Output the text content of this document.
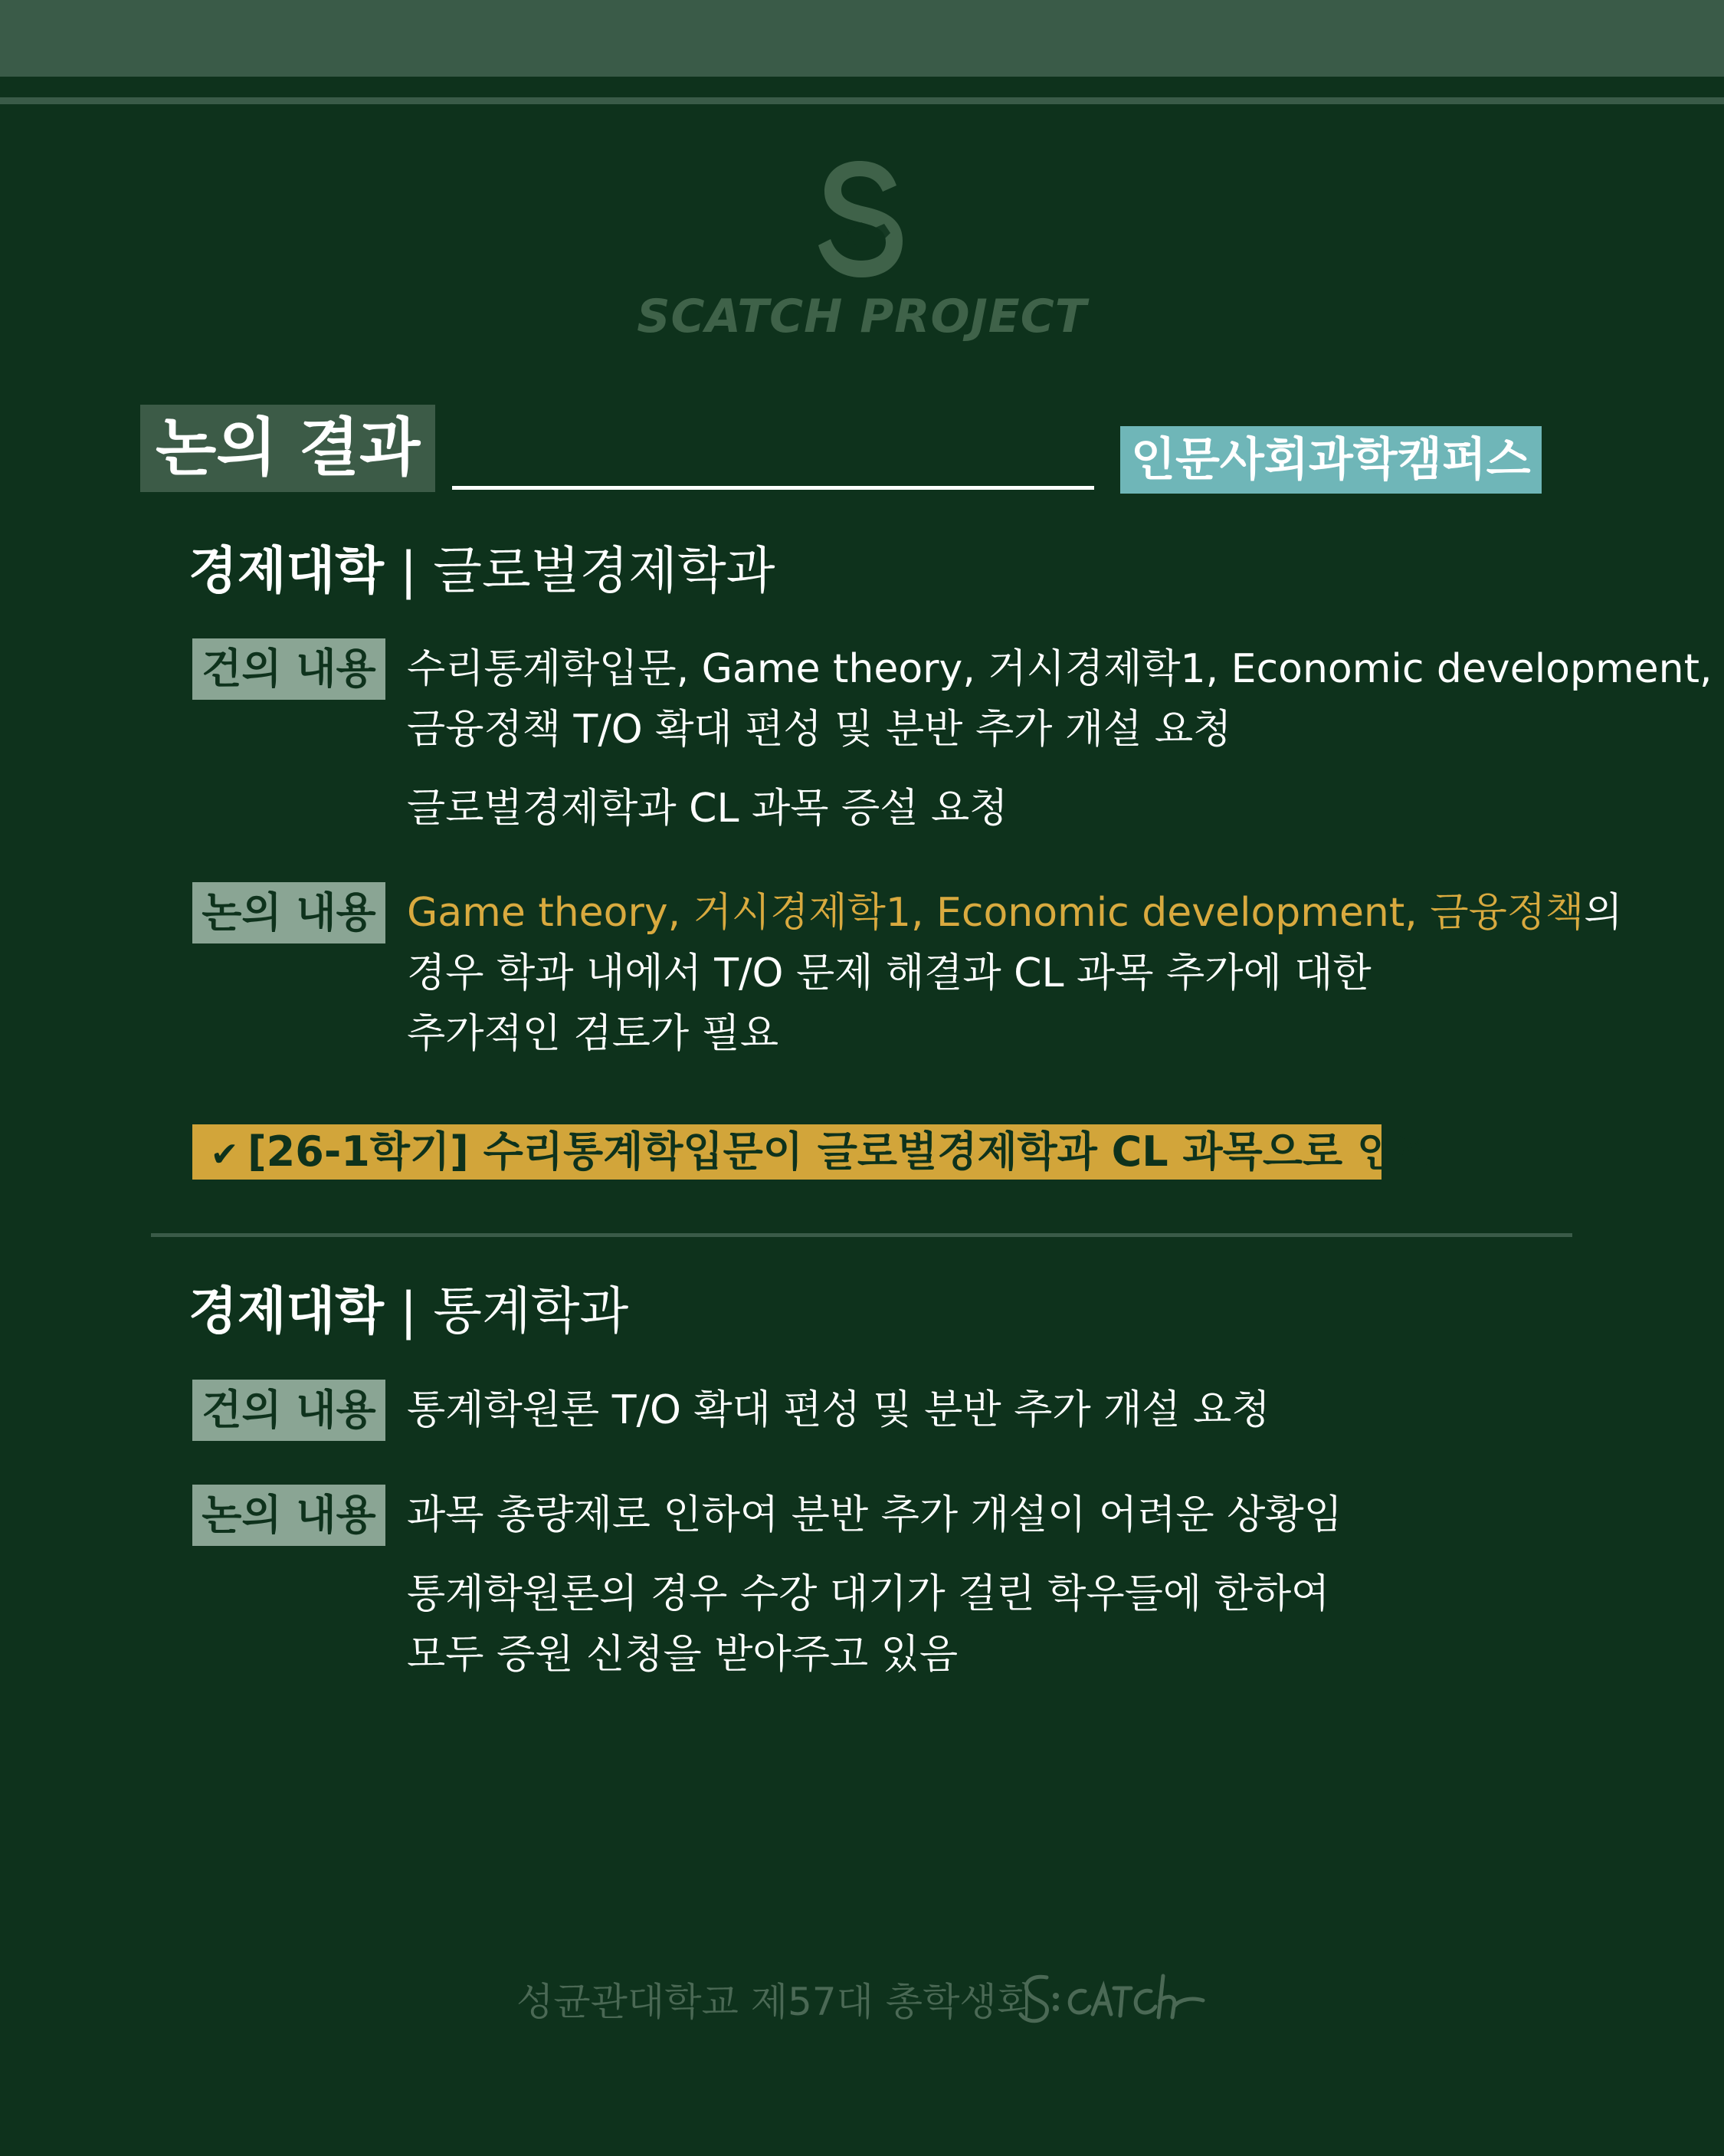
SCATCH PROJECT
논의 결과	인문사회과학캠퍼스
경제대학 | 글로벌경제학과
건의 내용 수리통계학입문, Game theory, 거시경제학1, Economic development,
금융정책 T/O 확대 편성 및 분반 추가 개설 요청
글로벌경제학과 CL 과목 증설 요청
논의 내용 Game theory, 거시경제학1, Economic development, 금융정책의
경우 학과 내에서 T/O 문제 해결과 CL 과목 추가에 대한
추가적인 검토가 필요
✔ [26-1학기] 수리통계학입문이 글로벌경제학과 CL 과목으로 인정
경제대학 | 통계학과
건의 내용 통계학원론 T/O 확대 편성 및 분반 추가 개설 요청
논의 내용 과목 총량제로 인하여 분반 추가 개설이 어려운 상황임
통계학원론의 경우 수강 대기가 걸린 학우들에 한하여
모두 증원 신청을 받아주고 있음
성균관대학교 제57대 총학생회
